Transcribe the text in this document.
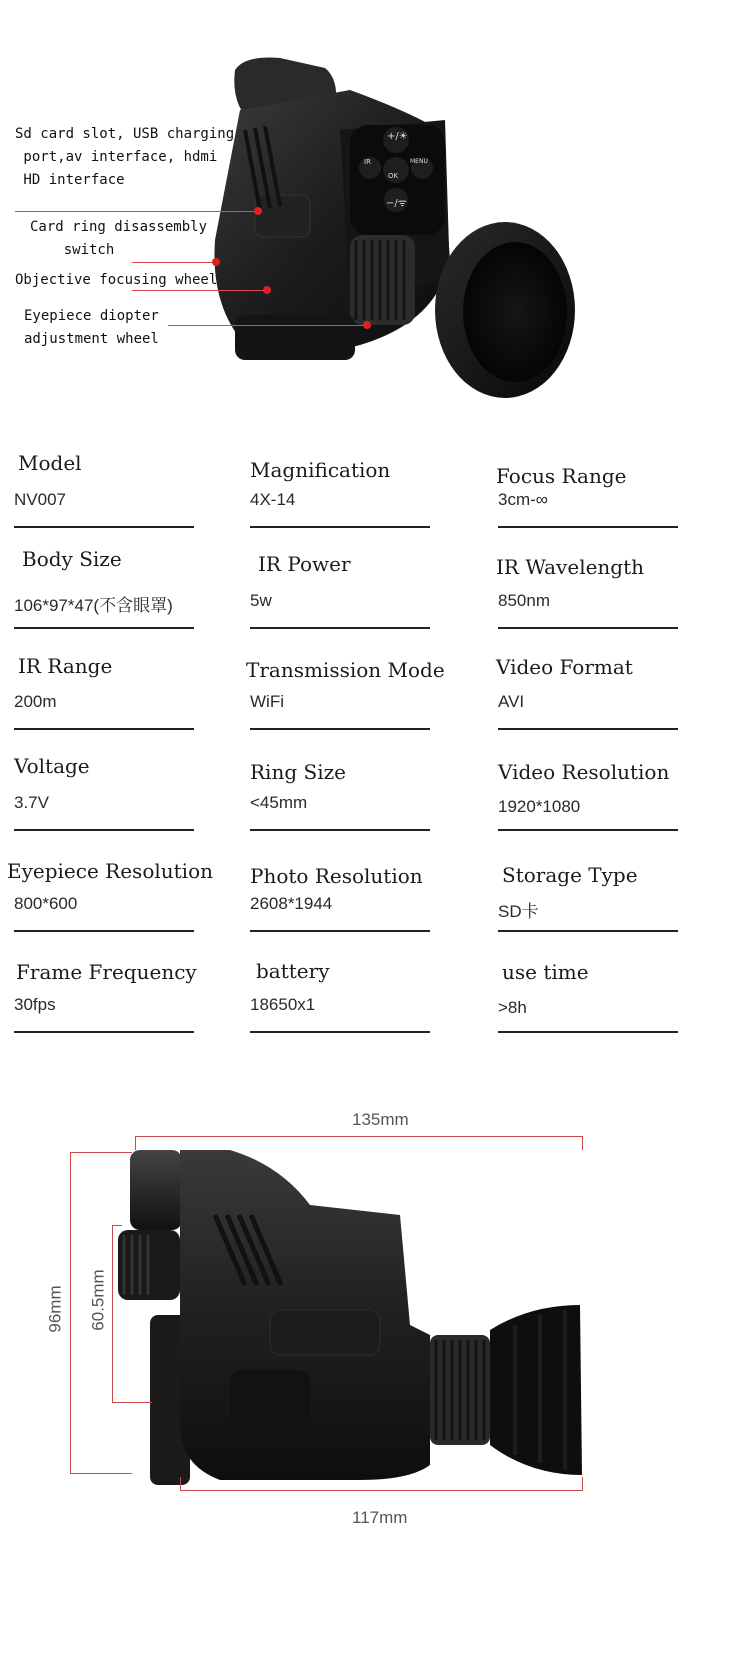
+/☀
IR
OK
MENU
−/ᯤ
Sd card slot, USB charging
port,av interface, hdmi
HD interface
Card ring disassembly
switch
Objective focusing wheel
Eyepiece diopter
adjustment wheel
Model
NV007
Magnification
4X-14
Focus Range
3cm-∞
Body Size
106*97*47(不含眼罩)
IR Power
5w
IR Wavelength
850nm
IR Range
200m
Transmission Mode
WiFi
Video Format
AVI
Voltage
3.7V
Ring Size
<45mm
Video Resolution
1920*1080
Eyepiece Resolution
800*600
Photo Resolution
2608*1944
Storage Type
SD卡
Frame Frequency
30fps
battery
18650x1
use time
>8h
135mm
117mm
96mm 60.5mm
